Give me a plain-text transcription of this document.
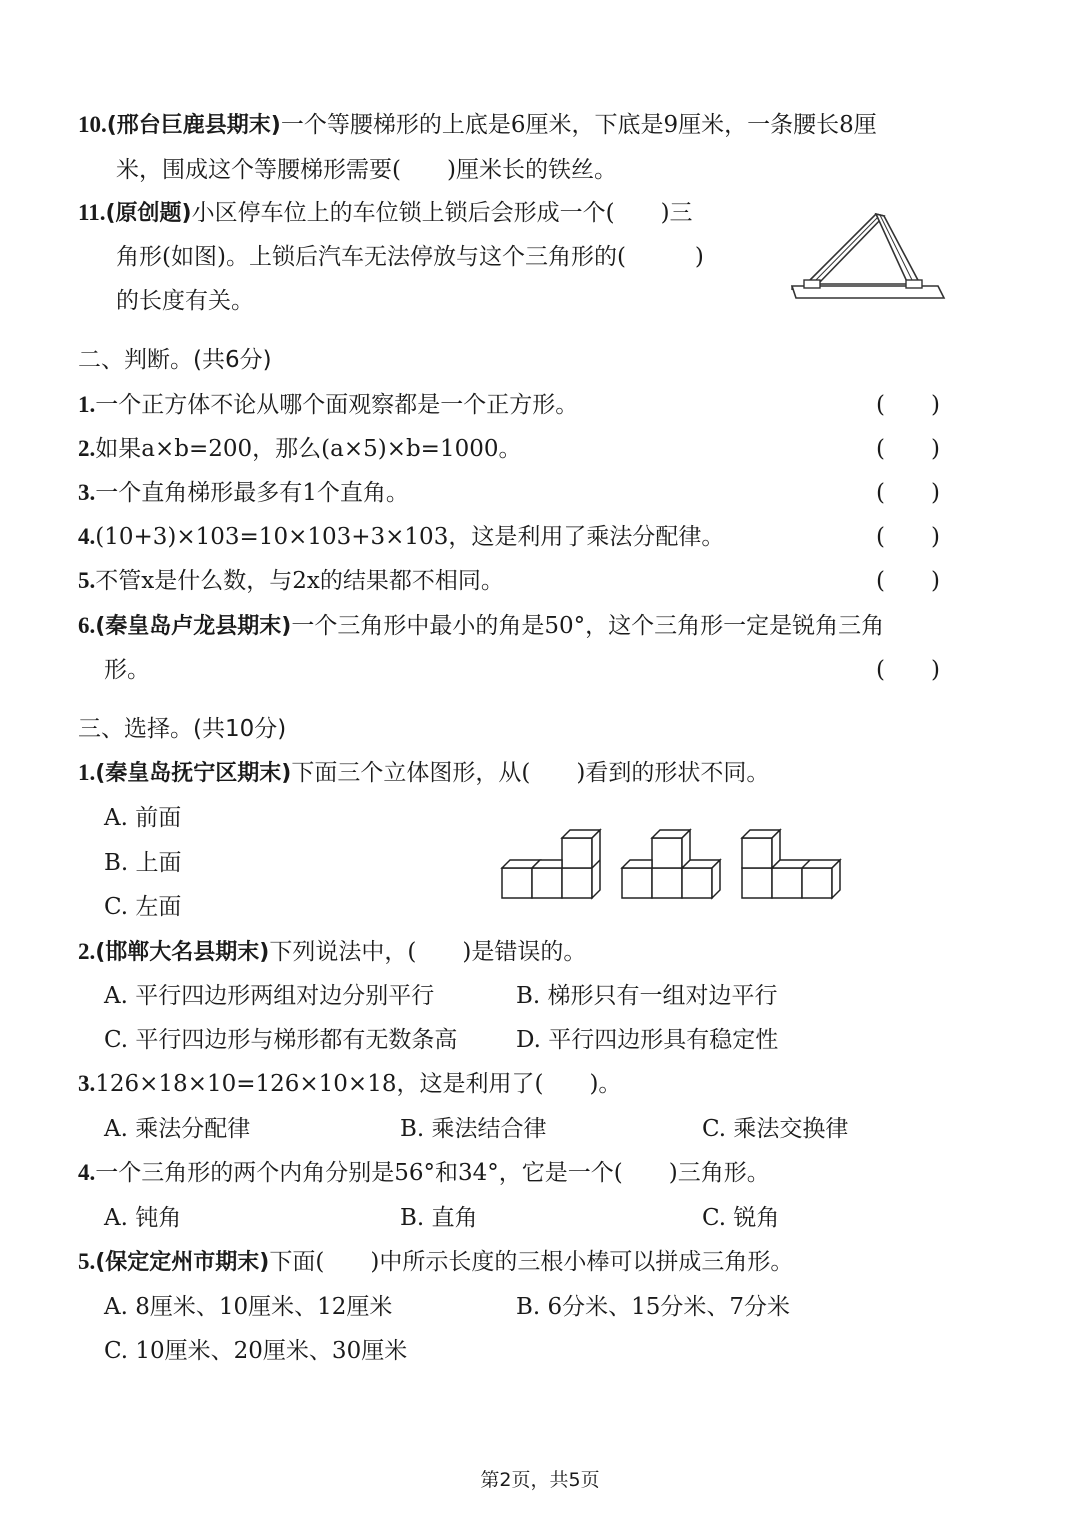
10.(邢台巨鹿县期末)一个等腰梯形的上底是6厘米，下底是9厘米，一条腰长8厘
米，围成这个等腰梯形需要(　　)厘米长的铁丝。
11.(原创题)小区停车位上的车位锁上锁后会形成一个(　　)三
角形(如图)。上锁后汽车无法停放与这个三角形的(　　　)
的长度有关。
二、判断。(共6分)
1.一个正方体不论从哪个面观察都是一个正方形。	(　　)
2.如果a×b=200，那么(a×5)×b=1000。	(　　)
3.一个直角梯形最多有1个直角。	(　　)
4.(10+3)×103=10×103+3×103，这是利用了乘法分配律。	(　　)
5.不管x是什么数，与2x的结果都不相同。	(　　)
6.(秦皇岛卢龙县期末)一个三角形中最小的角是50°，这个三角形一定是锐角三角
形。	(　　)
三、选择。(共10分)
1.(秦皇岛抚宁区期末)下面三个立体图形，从(　　)看到的形状不同。
A. 前面
B. 上面
C. 左面
2.(邯郸大名县期末)下列说法中，(　　)是错误的。
A. 平行四边形两组对边分别平行	B. 梯形只有一组对边平行
C. 平行四边形与梯形都有无数条高	D. 平行四边形具有稳定性
3.126×18×10=126×10×18，这是利用了(　　)。
A. 乘法分配律	B. 乘法结合律	C. 乘法交换律
4.一个三角形的两个内角分别是56°和34°，它是一个(　　)三角形。
A. 钝角	B. 直角	C. 锐角
5.(保定定州市期末)下面(　　)中所示长度的三根小棒可以拼成三角形。
A. 8厘米、10厘米、12厘米	B. 6分米、15分米、7分米
C. 10厘米、20厘米、30厘米
第2页，共5页
